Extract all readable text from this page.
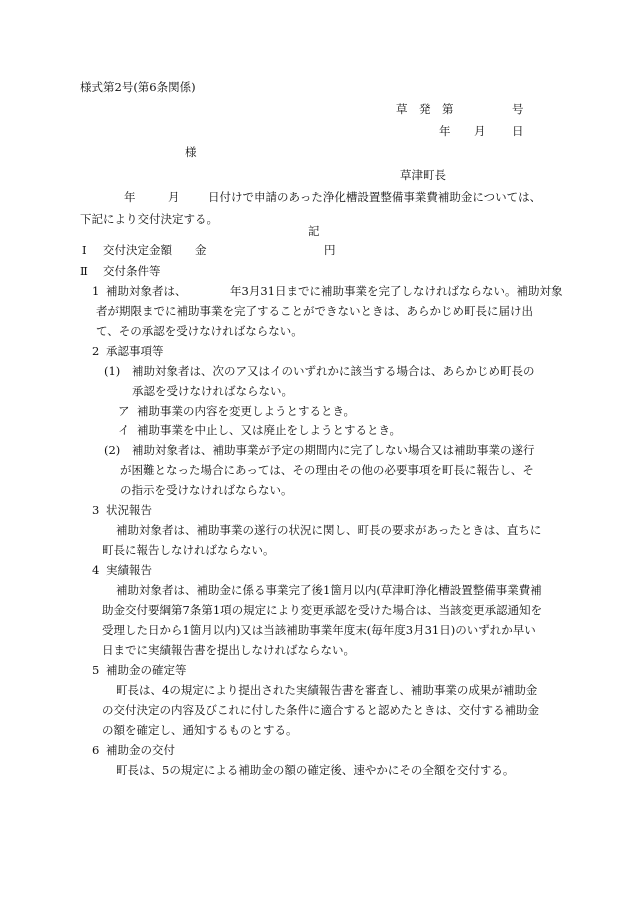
様式第2号(第6条関係)
草　発　第	号
年 月 日
様
草津町長
年	月 日付けで申請のあった浄化槽設置整備事業費補助金については、
下記により交付決定する。
記
Ⅰ 交付決定金額 金	円
Ⅱ 交付条件等
1 補助対象者は、	年3月31日までに補助事業を完了しなければならない。補助対象
者が期限までに補助事業を完了することができないときは、あらかじめ町長に届け出
て、その承認を受けなければならない。
2 承認事項等
(1) 補助対象者は、次のア又はイのいずれかに該当する場合は、あらかじめ町長の
承認を受けなければならない。
ア 補助事業の内容を変更しようとするとき。
イ 補助事業を中止し、又は廃止をしようとするとき。
(2) 補助対象者は、補助事業が予定の期間内に完了しない場合又は補助事業の遂行
が困難となった場合にあっては、その理由その他の必要事項を町長に報告し、そ
の指示を受けなければならない。
3 状況報告
補助対象者は、補助事業の遂行の状況に関し、町長の要求があったときは、直ちに
町長に報告しなければならない。
4 実績報告
補助対象者は、補助金に係る事業完了後1箇月以内(草津町浄化槽設置整備事業費補
助金交付要綱第7条第1項の規定により変更承認を受けた場合は、当該変更承認通知を
受理した日から1箇月以内)又は当該補助事業年度末(毎年度3月31日)のいずれか早い
日までに実績報告書を提出しなければならない。
5 補助金の確定等
町長は、4の規定により提出された実績報告書を審査し、補助事業の成果が補助金
の交付決定の内容及びこれに付した条件に適合すると認めたときは、交付する補助金
の額を確定し、通知するものとする。
6 補助金の交付
町長は、5の規定による補助金の額の確定後、速やかにその全額を交付する。
